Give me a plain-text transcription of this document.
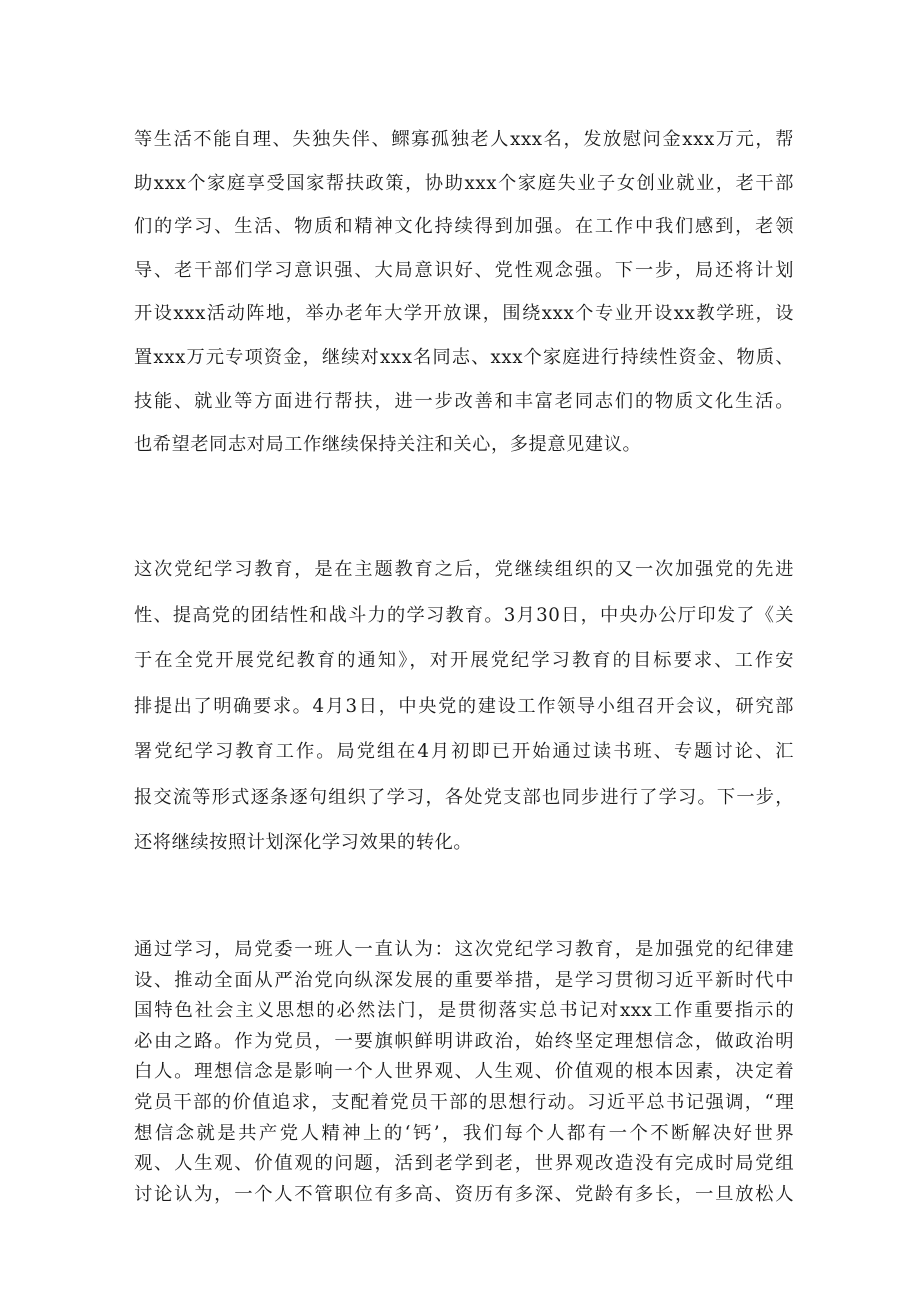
等生活不能自理、失独失伴、鳏寡孤独老人xxx名，发放慰问金xxx万元，帮
助xxx个家庭享受国家帮扶政策，协助xxx个家庭失业子女创业就业，老干部
们的学习、生活、物质和精神文化持续得到加强。在工作中我们感到，老领
导、老干部们学习意识强、大局意识好、党性观念强。下一步，局还将计划
开设xxx活动阵地，举办老年大学开放课，围绕xxx个专业开设xx教学班，设
置xxx万元专项资金，继续对xxx名同志、xxx个家庭进行持续性资金、物质、
技能、就业等方面进行帮扶，进一步改善和丰富老同志们的物质文化生活。
也希望老同志对局工作继续保持关注和关心，多提意见建议。
这次党纪学习教育，是在主题教育之后，党继续组织的又一次加强党的先进
性、提高党的团结性和战斗力的学习教育。3月30日，中央办公厅印发了《关
于在全党开展党纪教育的通知》，对开展党纪学习教育的目标要求、工作安
排提出了明确要求。4月3日，中央党的建设工作领导小组召开会议，研究部
署党纪学习教育工作。局党组在4月初即已开始通过读书班、专题讨论、汇
报交流等形式逐条逐句组织了学习，各处党支部也同步进行了学习。下一步，
还将继续按照计划深化学习效果的转化。
通过学习，局党委一班人一直认为：这次党纪学习教育，是加强党的纪律建
设、推动全面从严治党向纵深发展的重要举措，是学习贯彻习近平新时代中
国特色社会主义思想的必然法门，是贯彻落实总书记对xxx工作重要指示的
必由之路。作为党员，一要旗帜鲜明讲政治，始终坚定理想信念，做政治明
白人。理想信念是影响一个人世界观、人生观、价值观的根本因素，决定着
党员干部的价值追求，支配着党员干部的思想行动。习近平总书记强调，“理
想信念就是共产党人精神上的‘钙’，我们每个人都有一个不断解决好世界
观、人生观、价值观的问题，活到老学到老，世界观改造没有完成时局党组
讨论认为，一个人不管职位有多高、资历有多深、党龄有多长，一旦放松人
